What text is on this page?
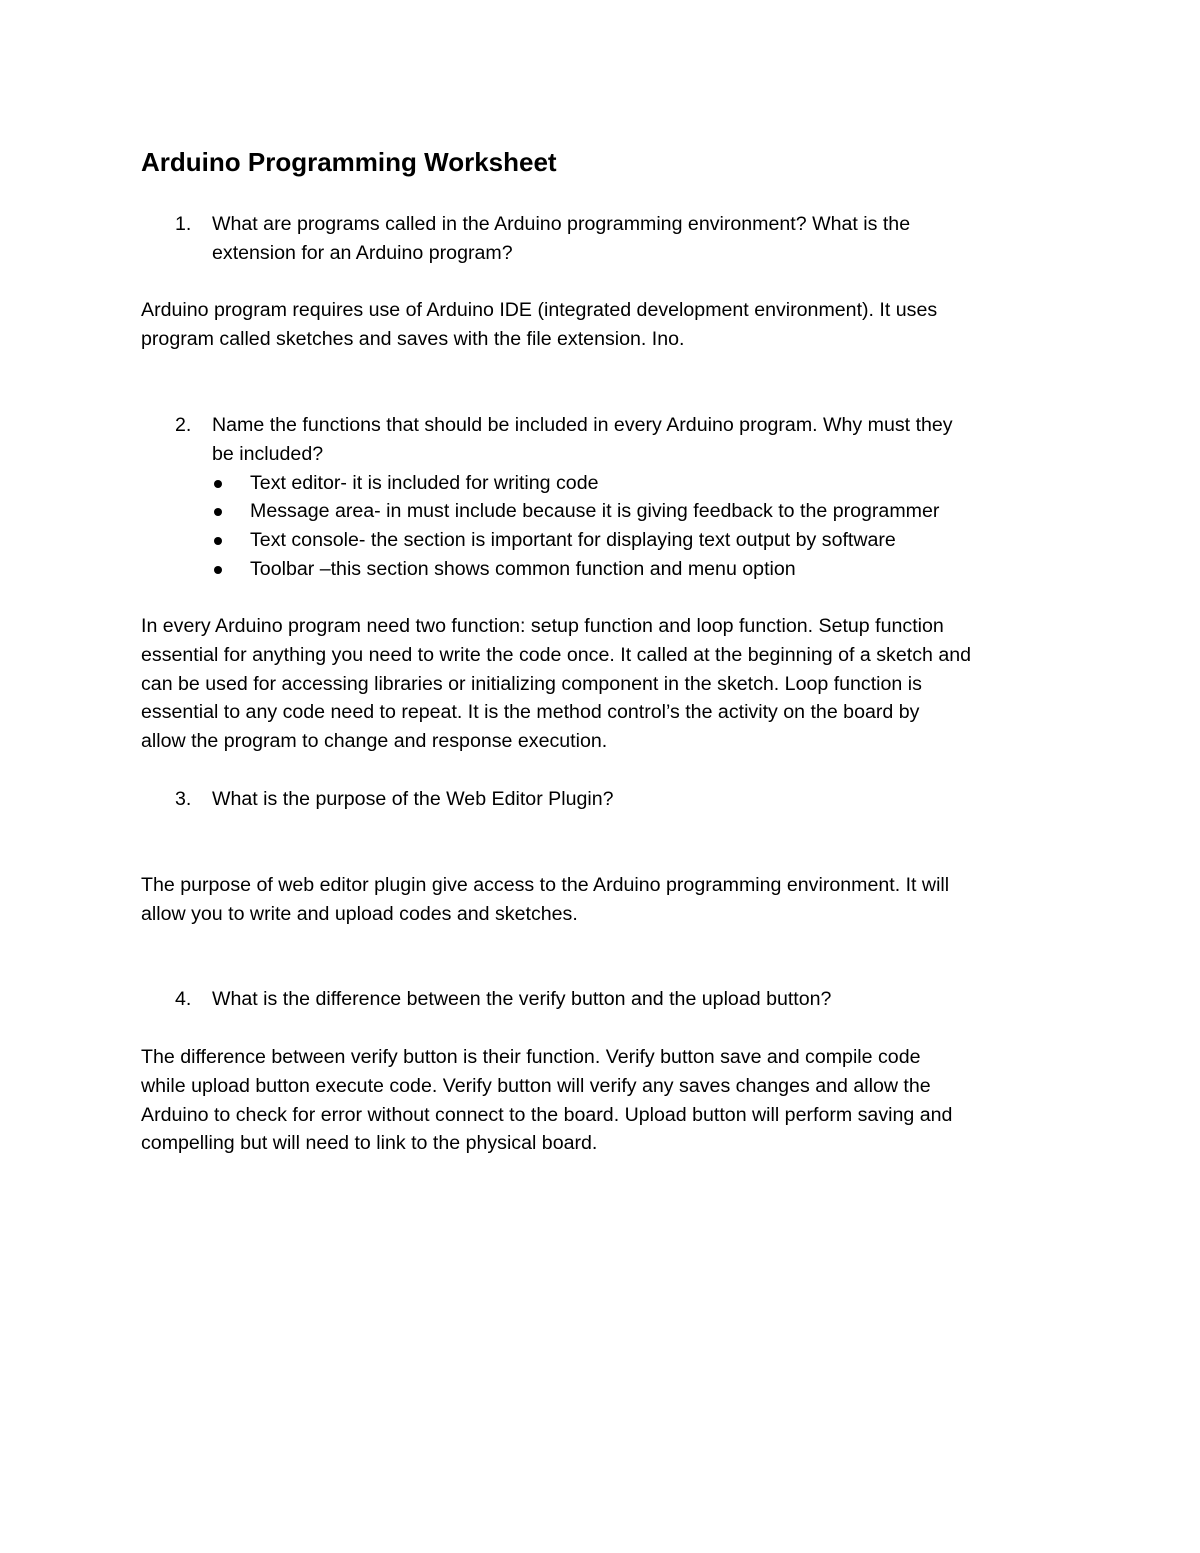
Arduino Programming Worksheet
1.	What are programs called in the Arduino programming environment? What is the
extension for an Arduino program?
Arduino program requires use of Arduino IDE (integrated development environment). It uses
program called sketches and saves with the file extension. Ino.
2.	Name the functions that should be included in every Arduino program. Why must they
be included?
Text editor- it is included for writing code
Message area- in must include because it is giving feedback to the programmer
Text console- the section is important for displaying text output by software
Toolbar –this section shows common function and menu option
In every Arduino program need two function: setup function and loop function. Setup function
essential for anything you need to write the code once. It called at the beginning of a sketch and
can be used for accessing libraries or initializing component in the sketch. Loop function is
essential to any code need to repeat. It is the method control’s the activity on the board by
allow the program to change and response execution.
3.	What is the purpose of the Web Editor Plugin?
The purpose of web editor plugin give access to the Arduino programming environment. It will
allow you to write and upload codes and sketches.
4.	What is the difference between the verify button and the upload button?
The difference between verify button is their function. Verify button save and compile code
while upload button execute code. Verify button will verify any saves changes and allow the
Arduino to check for error without connect to the board. Upload button will perform saving and
compelling but will need to link to the physical board.
